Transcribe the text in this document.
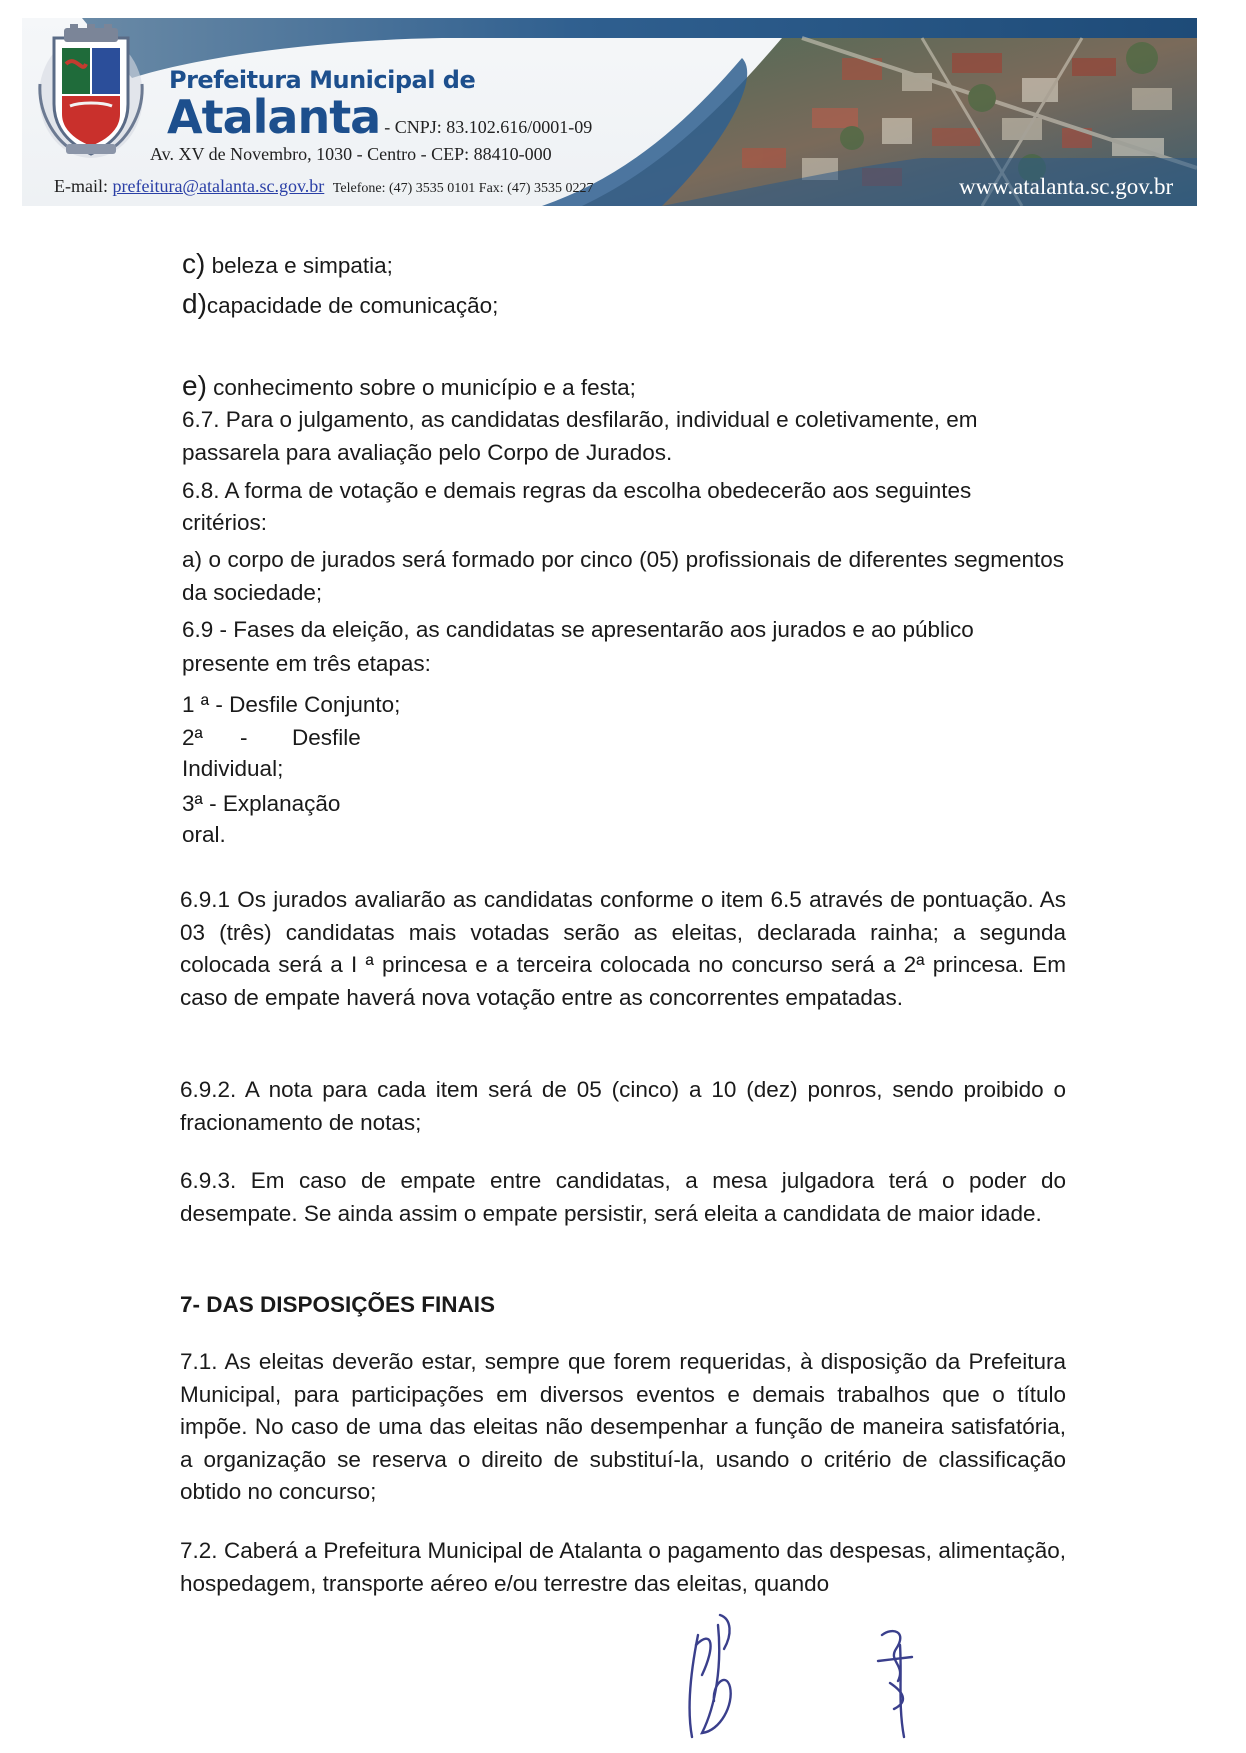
Prefeitura Municipal de
Atalanta - CNPJ: 83.102.616/0001-09
Av. XV de Novembro, 1030 - Centro - CEP: 88410-000
E-mail: prefeitura@atalanta.sc.gov.br Telefone: (47) 3535 0101 Fax: (47) 3535 0227	www.atalanta.sc.gov.br
c) beleza e simpatia;
d)capacidade de comunicação;
e) conhecimento sobre o município e a festa;
6.7. Para o julgamento, as candidatas desfilarão, individual e coletivamente, em
passarela para avaliação pelo Corpo de Jurados.
6.8. A forma de votação e demais regras da escolha obedecerão aos seguintes
critérios:
a) o corpo de jurados será formado por cinco (05) profissionais de diferentes segmentos da sociedade;
6.9 - Fases da eleição, as candidatas se apresentarão aos jurados e ao público
presente em três etapas:
1 ª - Desfile Conjunto;
2ª - Desfile
Individual;
3ª - Explanação
oral.
6.9.1 Os jurados avaliarão as candidatas conforme o item 6.5 através de pontuação. As 03 (três) candidatas mais votadas serão as eleitas, declarada rainha; a segunda colocada será a I ª princesa e a terceira colocada no concurso será a 2ª princesa. Em caso de empate haverá nova votação entre as concorrentes empatadas.
6.9.2. A nota para cada item será de 05 (cinco) a 10 (dez) ponros, sendo proibido o fracionamento de notas;
6.9.3. Em caso de empate entre candidatas, a mesa julgadora terá o poder do desempate. Se ainda assim o empate persistir, será eleita a candidata de maior idade.
7- DAS DISPOSIÇÕES FINAIS
7.1. As eleitas deverão estar, sempre que forem requeridas, à disposição da Prefeitura Municipal, para participações em diversos eventos e demais trabalhos que o título impõe. No caso de uma das eleitas não desempenhar a função de maneira satisfatória, a organização se reserva o direito de substituí-la, usando o critério de classificação obtido no concurso;
7.2. Caberá a Prefeitura Municipal de Atalanta o pagamento das despesas, alimentação, hospedagem, transporte aéreo e/ou terrestre das eleitas, quando
